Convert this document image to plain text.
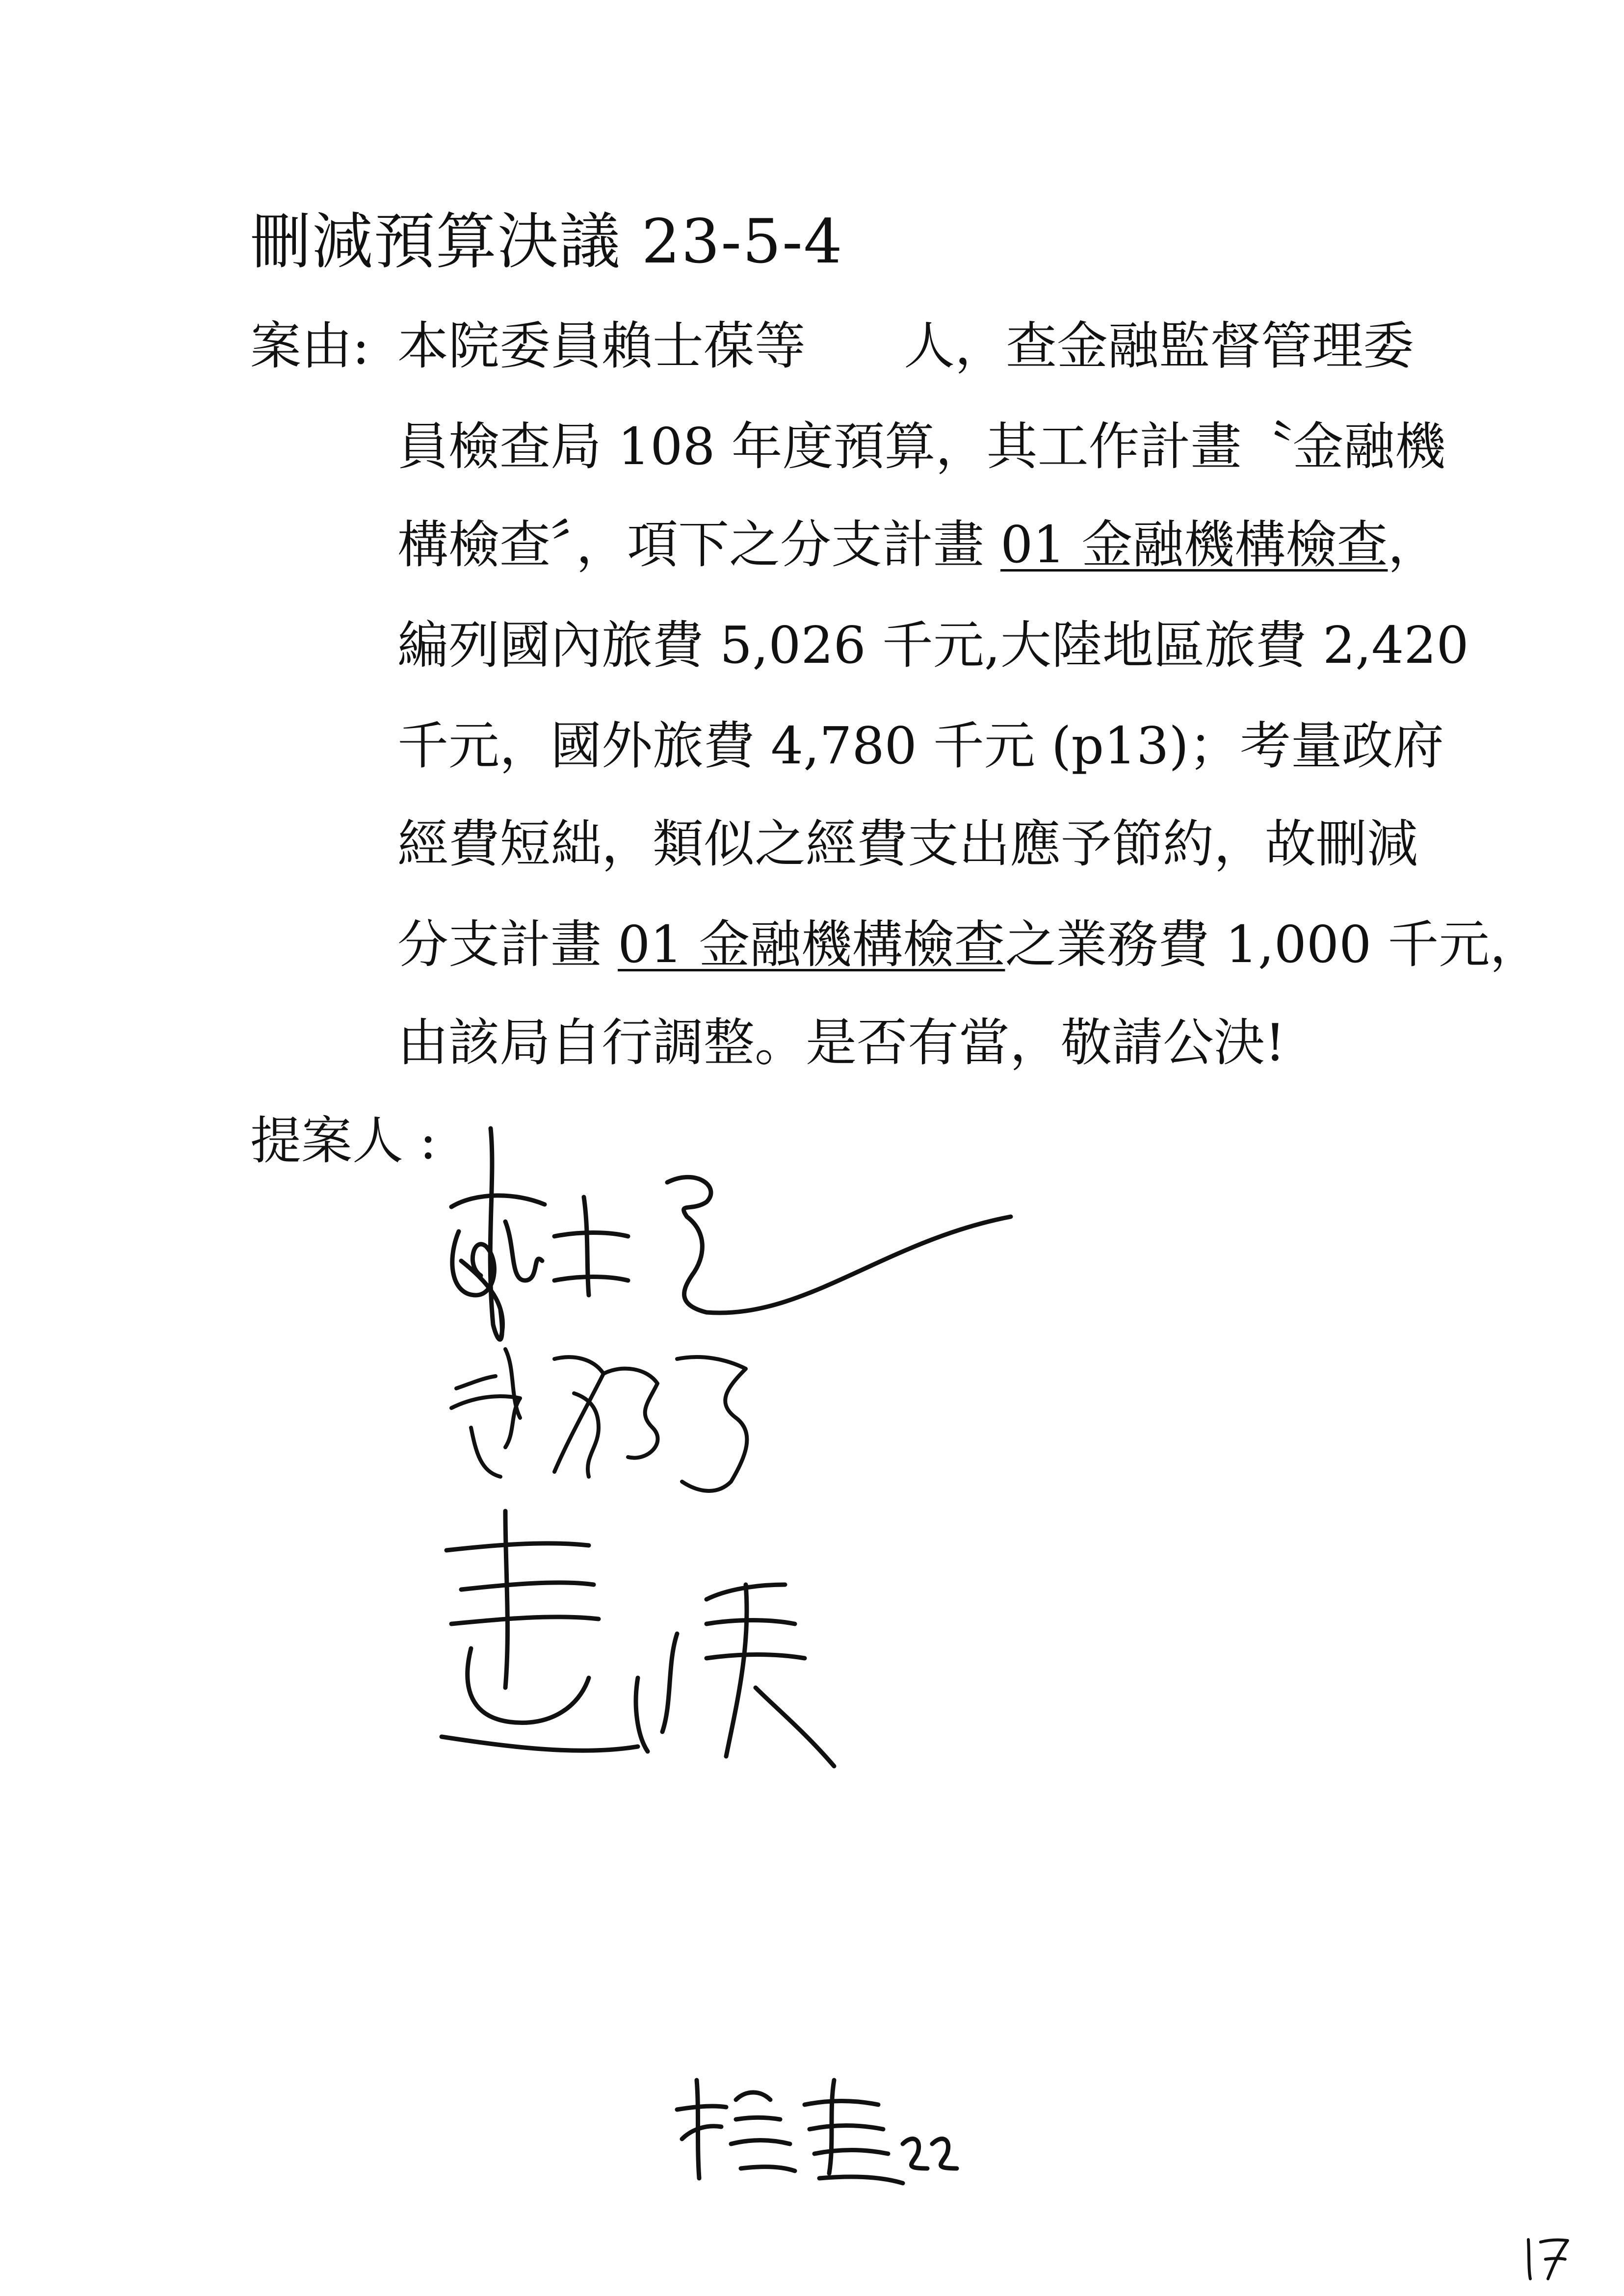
刪減預算決議 23-5-4
案由: 本院委員賴士葆等 人，查金融監督管理委
員檢查局 108 年度預算，其工作計畫〝金融機
構檢查〞，項下之分支計畫 01 金融機構檢查，
編列國內旅費 5,026 千元,大陸地區旅費 2,420
千元，國外旅費 4,780 千元 (p13)；考量政府
經費短絀，類似之經費支出應予節約，故刪減
分支計畫 01 金融機構檢查之業務費 1,000 千元，
由該局自行調整。是否有當，敬請公決!
提案人 :
